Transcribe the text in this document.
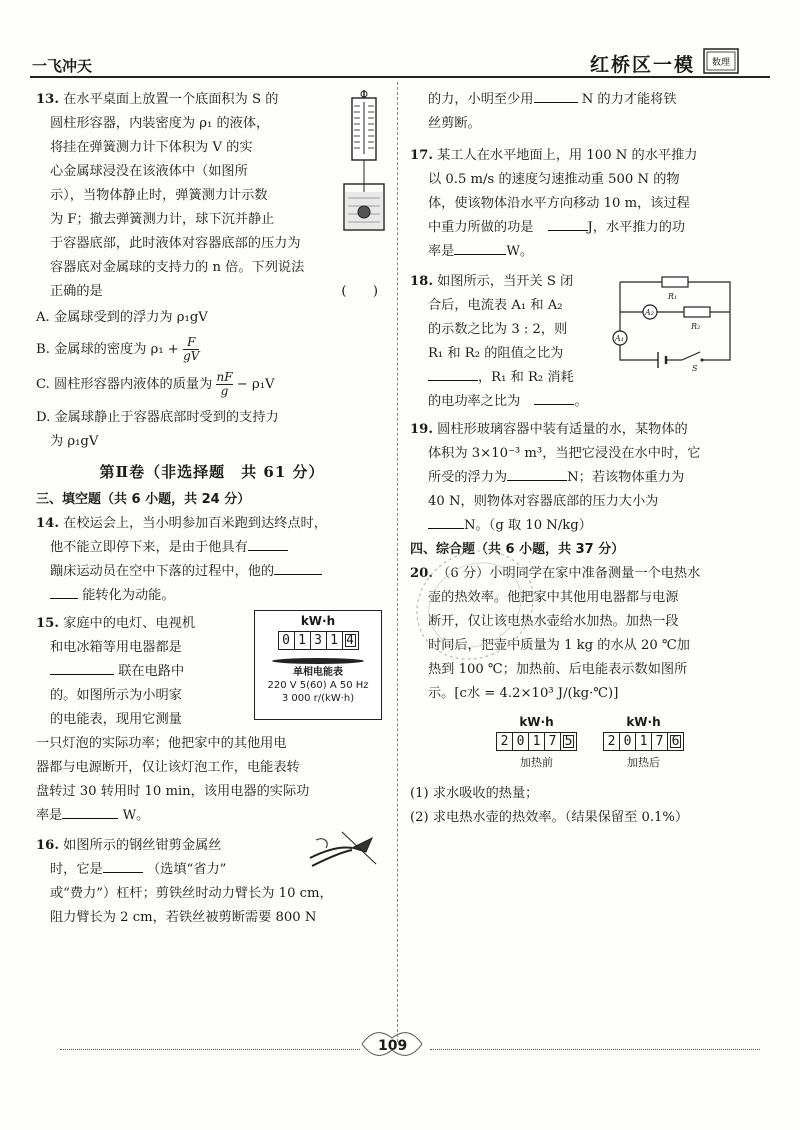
一飞冲天	红桥区一模 数理

13. 在水平桌面上放置一个底面积为 S 的

圆柱形容器，内装密度为 ρ₁ 的液体，

将挂在弹簧测力计下体积为 V 的实

心金属球浸没在该液体中（如图所

示），当物体静止时，弹簧测力计示数

为 F；撤去弹簧测力计，球下沉并静止

于容器底部，此时液体对容器底部的压力为

容器底对金属球的支持力的 n 倍。下列说法

正确的是	(　　)

A. 金属球受到的浮力为 ρ₁gV

B. 金属球的密度为 $\rho_1 + \frac{F}{gV}$

C. 圆柱形容器内液体的质量为 $\frac{nF}{g} - \rho_1V$

D. 金属球静止于容器底部时受到的支持力

为 ρ₁gV

第Ⅱ卷（非选择题　共 61 分）

三、填空题（共 6 小题，共 24 分）

14. 在校运会上，当小明参加百米跑到达终点时，

他不能立即停下来，是由于他具有

蹦床运动员在空中下落的过程中，他的

能转化为动能。

15. 家庭中的电灯、电视机

和电冰箱等用电器都是

联在电路中

的。如图所示为小明家

的电能表，现用它测量

一只灯泡的实际功率；他把家中的其他用电

器都与电源断开，仅让该灯泡工作，电能表转

盘转过 30 转用时 10 min，该用电器的实际功

率是	W。

kW·h
0 1 3 1 4
单相电能表
220 V 5(60) A 50 Hz
3 000 r/(kW·h)

16. 如图所示的钢丝钳剪金属丝

时，它是	（选填“省力”

或“费力”）杠杆；剪铁丝时动力臂长为 10 cm，

阻力臂长为 2 cm，若铁丝被剪断需要 800 N

的力，小明至少用	N 的力才能将铁

丝剪断。

17. 某工人在水平地面上，用 100 N 的水平推力

以 0.5 m/s 的速度匀速推动重 500 N 的物

体，使该物体沿水平方向移动 10 m，该过程

中重力所做的功是	J，水平推力的功

率是	W。

18. 如图所示，当开关 S 闭

合后，电流表 A₁ 和 A₂

的示数之比为 3 : 2，则

R₁ 和 R₂ 的阻值之比为

，R₁ 和 R₂ 消耗

的电功率之比为	。

R₁
R₂
A₂
A₁
S

19. 圆柱形玻璃容器中装有适量的水，某物体的

体积为 3×10⁻³ m³，当把它浸没在水中时，它

所受的浮力为	N；若该物体重力为

40 N，则物体对容器底部的压力大小为

N。（g 取 10 N/kg）

四、综合题（共 6 小题，共 37 分）

20. （6 分）小明同学在家中准备测量一个电热水

壶的热效率。他把家中其他用电器都与电源

断开，仅让该电热水壶给水加热。加热一段

时间后，把壶中质量为 1 kg 的水从 20 ℃加

热到 100 ℃；加热前、后电能表示数如图所

示。[c水 = 4.2×10³ J/(kg·℃)]

kW·h
2 0 1 7 5
加热前
kW·h
2 0 1 7 6
加热后

(1) 求水吸收的热量；

(2) 求电热水壶的热效率。（结果保留至 0.1%）

109
